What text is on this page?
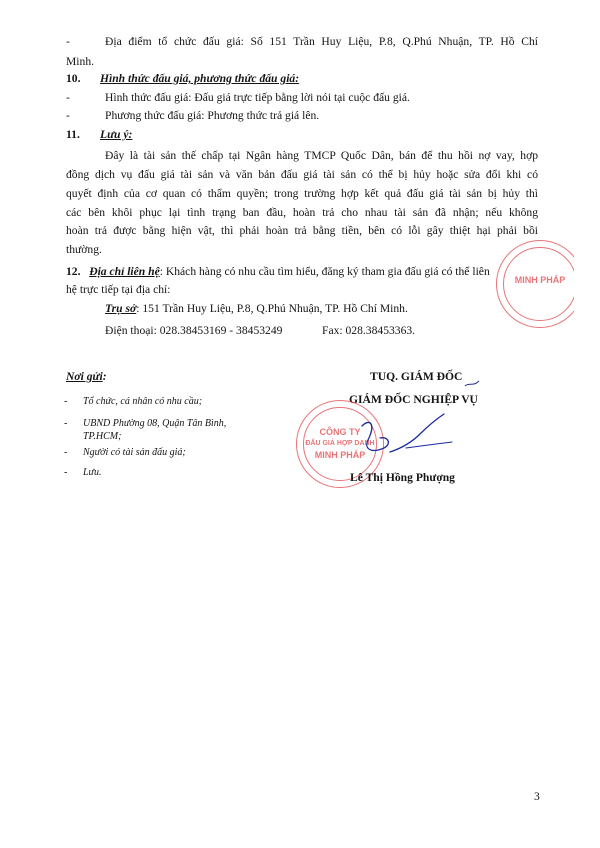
-	Địa điểm tổ chức đấu giá: Số 151 Trần Huy Liệu, P.8, Q.Phú Nhuận, TP. Hồ Chí
Minh.
10. Hình thức đấu giá, phương thức đấu giá:
-	Hình thức đấu giá: Đấu giá trực tiếp bằng lời nói tại cuộc đấu giá.
-	Phương thức đấu giá: Phương thức trả giá lên.
11. Lưu ý:
Đây là tài sản thế chấp tại Ngân hàng TMCP Quốc Dân, bán để thu hồi nợ vay, hợp
đồng dịch vụ đấu giá tài sản và văn bản đấu giá tài sản có thể bị hủy hoặc sửa đổi khi có
quyết định của cơ quan có thẩm quyền; trong trường hợp kết quả đấu giá tài sản bị hủy thì
các bên khôi phục lại tình trạng ban đầu, hoàn trả cho nhau tài sản đã nhận; nếu không
hoàn trả được bằng hiện vật, thì phải hoàn trả bằng tiền, bên có lỗi gây thiệt hại phải bồi
thường.
12. Địa chỉ liên hệ: Khách hàng có nhu cầu tìm hiểu, đăng ký tham gia đấu giá có thể liên
hệ trực tiếp tại địa chỉ:
Trụ sở: 151 Trần Huy Liệu, P.8, Q.Phú Nhuận, TP. Hồ Chí Minh.
Điện thoại: 028.38453169 - 38453249	Fax: 028.38453363.
Nơi gửi:
- Tổ chức, cá nhân có nhu cầu;
- UBND Phường 08, Quận Tân Bình,
TP.HCM;
- Người có tài sản đấu giá;
- Lưu.
TUQ. GIÁM ĐỐC
GIÁM ĐỐC NGHIỆP VỤ
CÔNG TY
ĐẤU GIÁ HỢP DANH
MINH PHÁP
MINH PHÁP
Lê Thị Hồng Phượng
3
